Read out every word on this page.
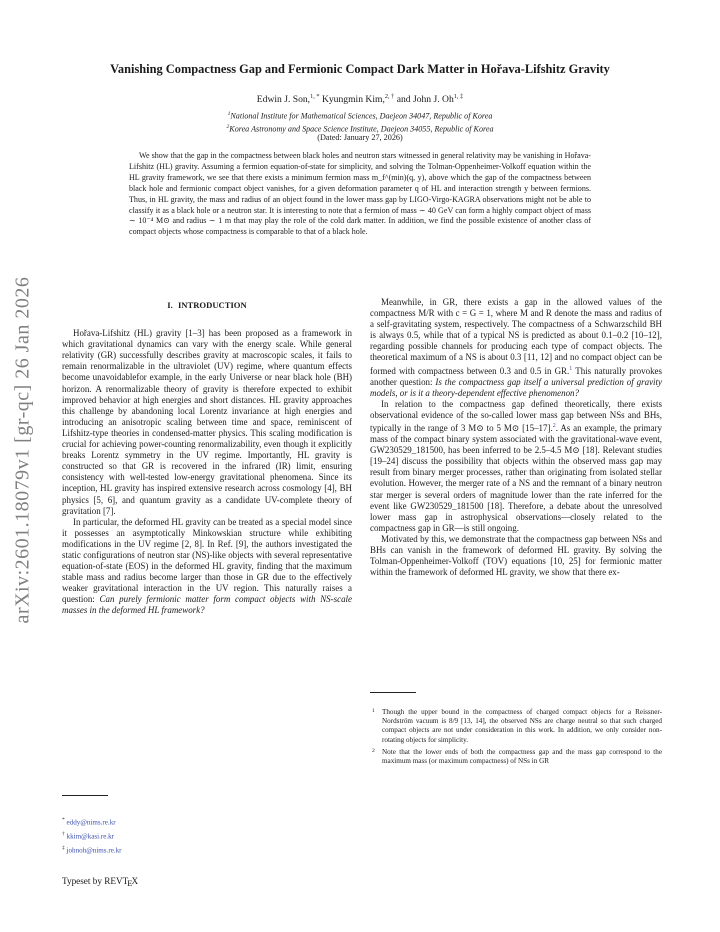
arXiv:2601.18079v1 [gr-qc] 26 Jan 2026
Vanishing Compactness Gap and Fermionic Compact Dark Matter in Hořava-Lifshitz Gravity
Edwin J. Son,$^{1, *}$ Kyungmin Kim,$^{2, \dagger}$ and John J. $Oh^{1, \ddagger}$
$^1$National Institute for Mathematical Sciences, Daejeon 34047, Republic of Korea
$^2$Korea Astronomy and Space Science Institute, Daejeon 34055, Republic of Korea
(Dated: January 27, 2026)
We show that the gap in the compactness between black holes and neutron stars witnessed in general relativity may be vanishing in Hořava-Lifshitz (HL) gravity. Assuming a fermion equation-of-state for simplicity, and solving the Tolman-Oppenheimer-Volkoff equation within the HL gravity framework, we see that there exists a minimum fermion mass m_f^(min)(q, y), above which the gap of the compactness between black hole and fermionic compact object vanishes, for a given deformation parameter q of HL and interaction strength y between fermions. Thus, in HL gravity, the mass and radius of an object found in the lower mass gap by LIGO-Virgo-KAGRA observations might not be able to classify it as a black hole or a neutron star. It is interesting to note that a fermion of mass ∼ 40 GeV can form a highly compact object of mass ∼ 10⁻⁴ M⊙ and radius ∼ 1 m that may play the role of the cold dark matter. In addition, we find the possible existence of another class of compact objects whose compactness is comparable to that of a black hole.
I. INTRODUCTION

Hořava-Lifshitz (HL) gravity [1–3] has been proposed as a framework in which gravitational dynamics can vary with the energy scale. While general relativity (GR) successfully describes gravity at macroscopic scales, it fails to remain renormalizable in the ultraviolet (UV) regime, where quantum effects become unavoidablefor example, in the early Universe or near black hole (BH) horizon. A renormalizable theory of gravity is therefore expected to exhibit improved behavior at high energies and short distances. HL gravity approaches this challenge by abandoning local Lorentz invariance at high energies and introducing an anisotropic scaling between time and space, reminiscent of Lifshitz-type theories in condensed-matter physics. This scaling modification is crucial for achieving power-counting renormalizability, even though it explicitly breaks Lorentz symmetry in the UV regime. Importantly, HL gravity is constructed so that GR is recovered in the infrared (IR) limit, ensuring consistency with well-tested low-energy gravitational phenomena. Since its inception, HL gravity has inspired extensive research across cosmology [4], BH physics [5, 6], and quantum gravity as a candidate UV-complete theory of gravitation [7].

In particular, the deformed HL gravity can be treated as a special model since it possesses an asymptotically Minkowskian structure while exhibiting modifications in the UV regime [2, 8]. In Ref. [9], the authors investigated the static configurations of neutron star (NS)-like objects with several representative equation-of-state (EOS) in the deformed HL gravity, finding that the maximum stable mass and radius become larger than those in GR due to the effectively weaker gravitational interaction in the UV region. This naturally raises a question: Can purely fermionic matter form compact objects with NS-scale masses in the deformed HL framework?

Meanwhile, in GR, there exists a gap in the allowed values of the compactness M/R with c = G = 1, where M and R denote the mass and radius of a self-gravitating system, respectively. The compactness of a Schwarzschild BH is always 0.5, while that of a typical NS is predicted as about 0.1–0.2 [10–12], regarding possible channels for producing each type of compact objects. The theoretical maximum of a NS is about 0.3 [11, 12] and no compact object can be formed with compactness between 0.3 and 0.5 in GR.$^1$ This naturally provokes another question: Is the compactness gap itself a universal prediction of gravity models, or is it a theory-dependent effective phenomenon?

In relation to the compactness gap defined theoretically, there exists observational evidence of the so-called lower mass gap between NSs and BHs, typically in the range of 3 M⊙ to 5 M⊙ [15–17].$^2$. As an example, the primary mass of the compact binary system associated with the gravitational-wave event, GW230529_181500, has been inferred to be 2.5–4.5 M⊙ [18]. Relevant studies [19–24] discuss the possibility that objects within the observed mass gap may result from binary merger processes, rather than originating from isolated stellar evolution. However, the merger rate of a NS and the remnant of a binary neutron star merger is several orders of magnitude lower than the rate inferred for the event like GW230529_181500 [18]. Therefore, a debate about the unresolved lower mass gap in astrophysical observations—closely related to the compactness gap in GR—is still ongoing.

Motivated by this, we demonstrate that the compactness gap between NSs and BHs can vanish in the framework of deformed HL gravity. By solving the Tolman-Oppenheimer-Volkoff (TOV) equations [10, 25] for fermionic matter within the framework of deformed HL gravity, we show that there ex-

* eddy@nims.re.kr
† kkim@kasi.re.kr
‡ johnoh@nims.re.kr
1 Though the upper bound in the compactness of charged compact objects for a Reissner-Nordström vacuum is 8/9 [13, 14], the observed NSs are charge neutral so that such charged compact objects are not under consideration in this work. In addition, we only consider non-rotating objects for simplicity.
2 Note that the lower ends of both the compactness gap and the mass gap correspond to the maximum mass (or maximum compactness) of NSs in GR
Typeset by REVTEX
